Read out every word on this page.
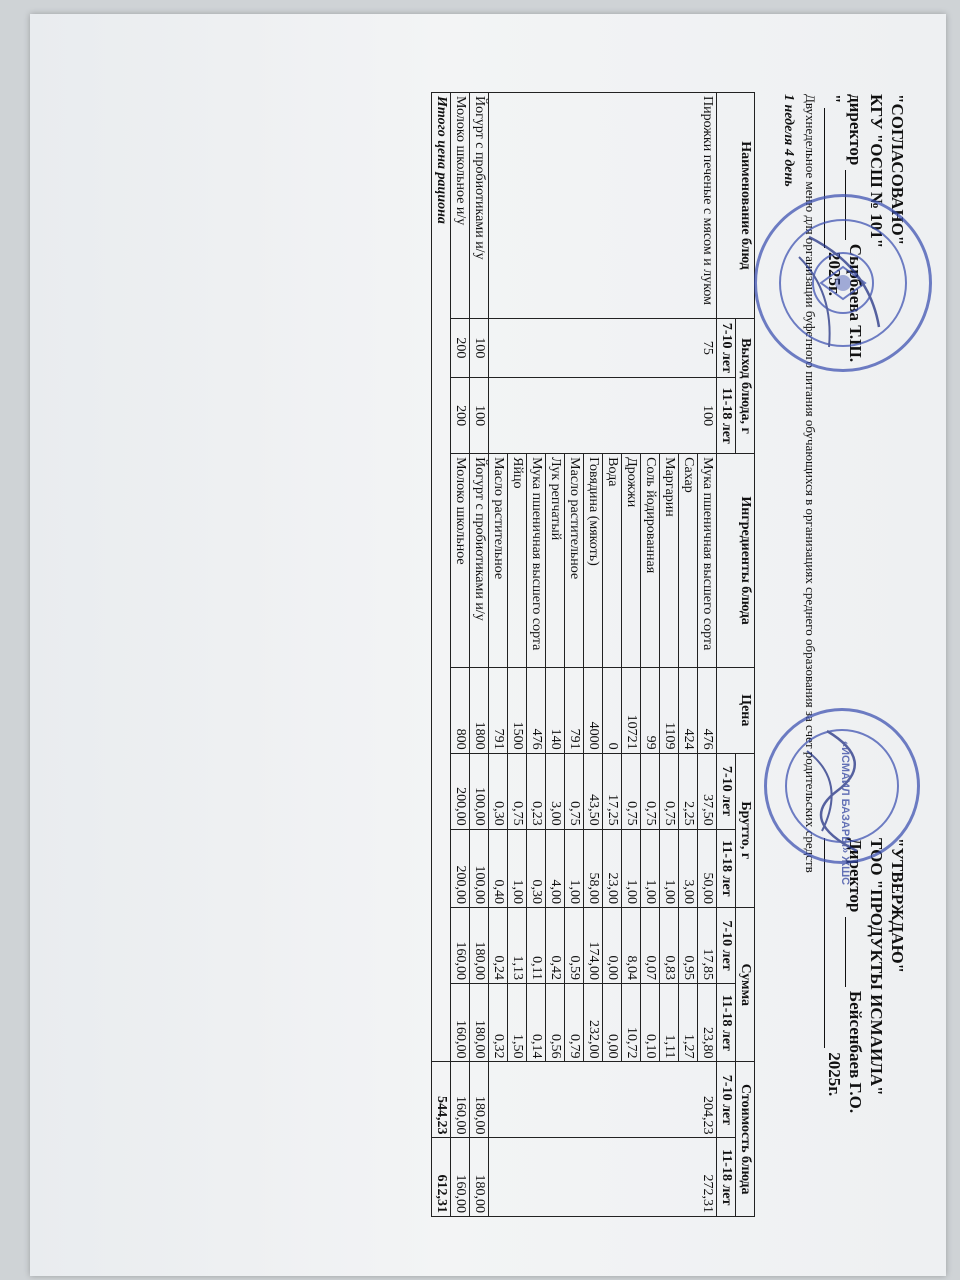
"СОГЛАСОВАНО"
КГУ "ОСШ № 101"
директор  Сырбаева Т.Ш.
"  2025г.
"УТВЕРЖДАЮ"
ТОО "ПРОДУКТЫ ИСМАИЛА"
Директор  Бейсенбаев Г.О.
2025г.
Двухнедельное меню для организации буфетного питания обучающихся в организациях среднего образования за счет родительских средств
1 неделя 4 день
Наименование блюд	Выход блюда, г		Ингредиенты блюда	Цена	Брутто, г		Сумма		Стоимость блюда	
	7-10 лет	11-18 лет			7-10 лет	11-18 лет	7-10 лет	11-18 лет	7-10 лет	11-18 лет
Пирожки печеные с мясом и луком	75	100	Мука пшеничная высшего сорта	476	37,50	50,00	17,85	23,80	204,23	272,31
			Сахар	424	2,25	3,00	0,95	1,27		
			Маргарин	1109	0,75	1,00	0,83	1,11		
			Соль йодированная	99	0,75	1,00	0,07	0,10		
			Дрожжи	10721	0,75	1,00	8,04	10,72		
			Вода	0	17,25	23,00	0,00	0,00		
			Говядина (мякоть)	4000	43,50	58,00	174,00	232,00		
			Масло растительное	791	0,75	1,00	0,59	0,79		
			Лук репчатый	140	3,00	4,00	0,42	0,56		
			Мука пшеничная высшего сорта	476	0,23	0,30	0,11	0,14		
			Яйцо	1500	0,75	1,00	1,13	1,50		
			Масло растительное	791	0,30	0,40	0,24	0,32		
Йогурт с пробиотиками и/у	100	100	Йогурт с пробиотиками и/у	1800	100,00	100,00	180,00	180,00	180,00	180,00
Молоко школьное и/у	200	200	Молоко школьное	800	200,00	200,00	160,00	160,00	160,00	160,00
Итого цена рациона									544,23	612,31
«ИСМАИЛ БАЗАРЫ» ЖШС
